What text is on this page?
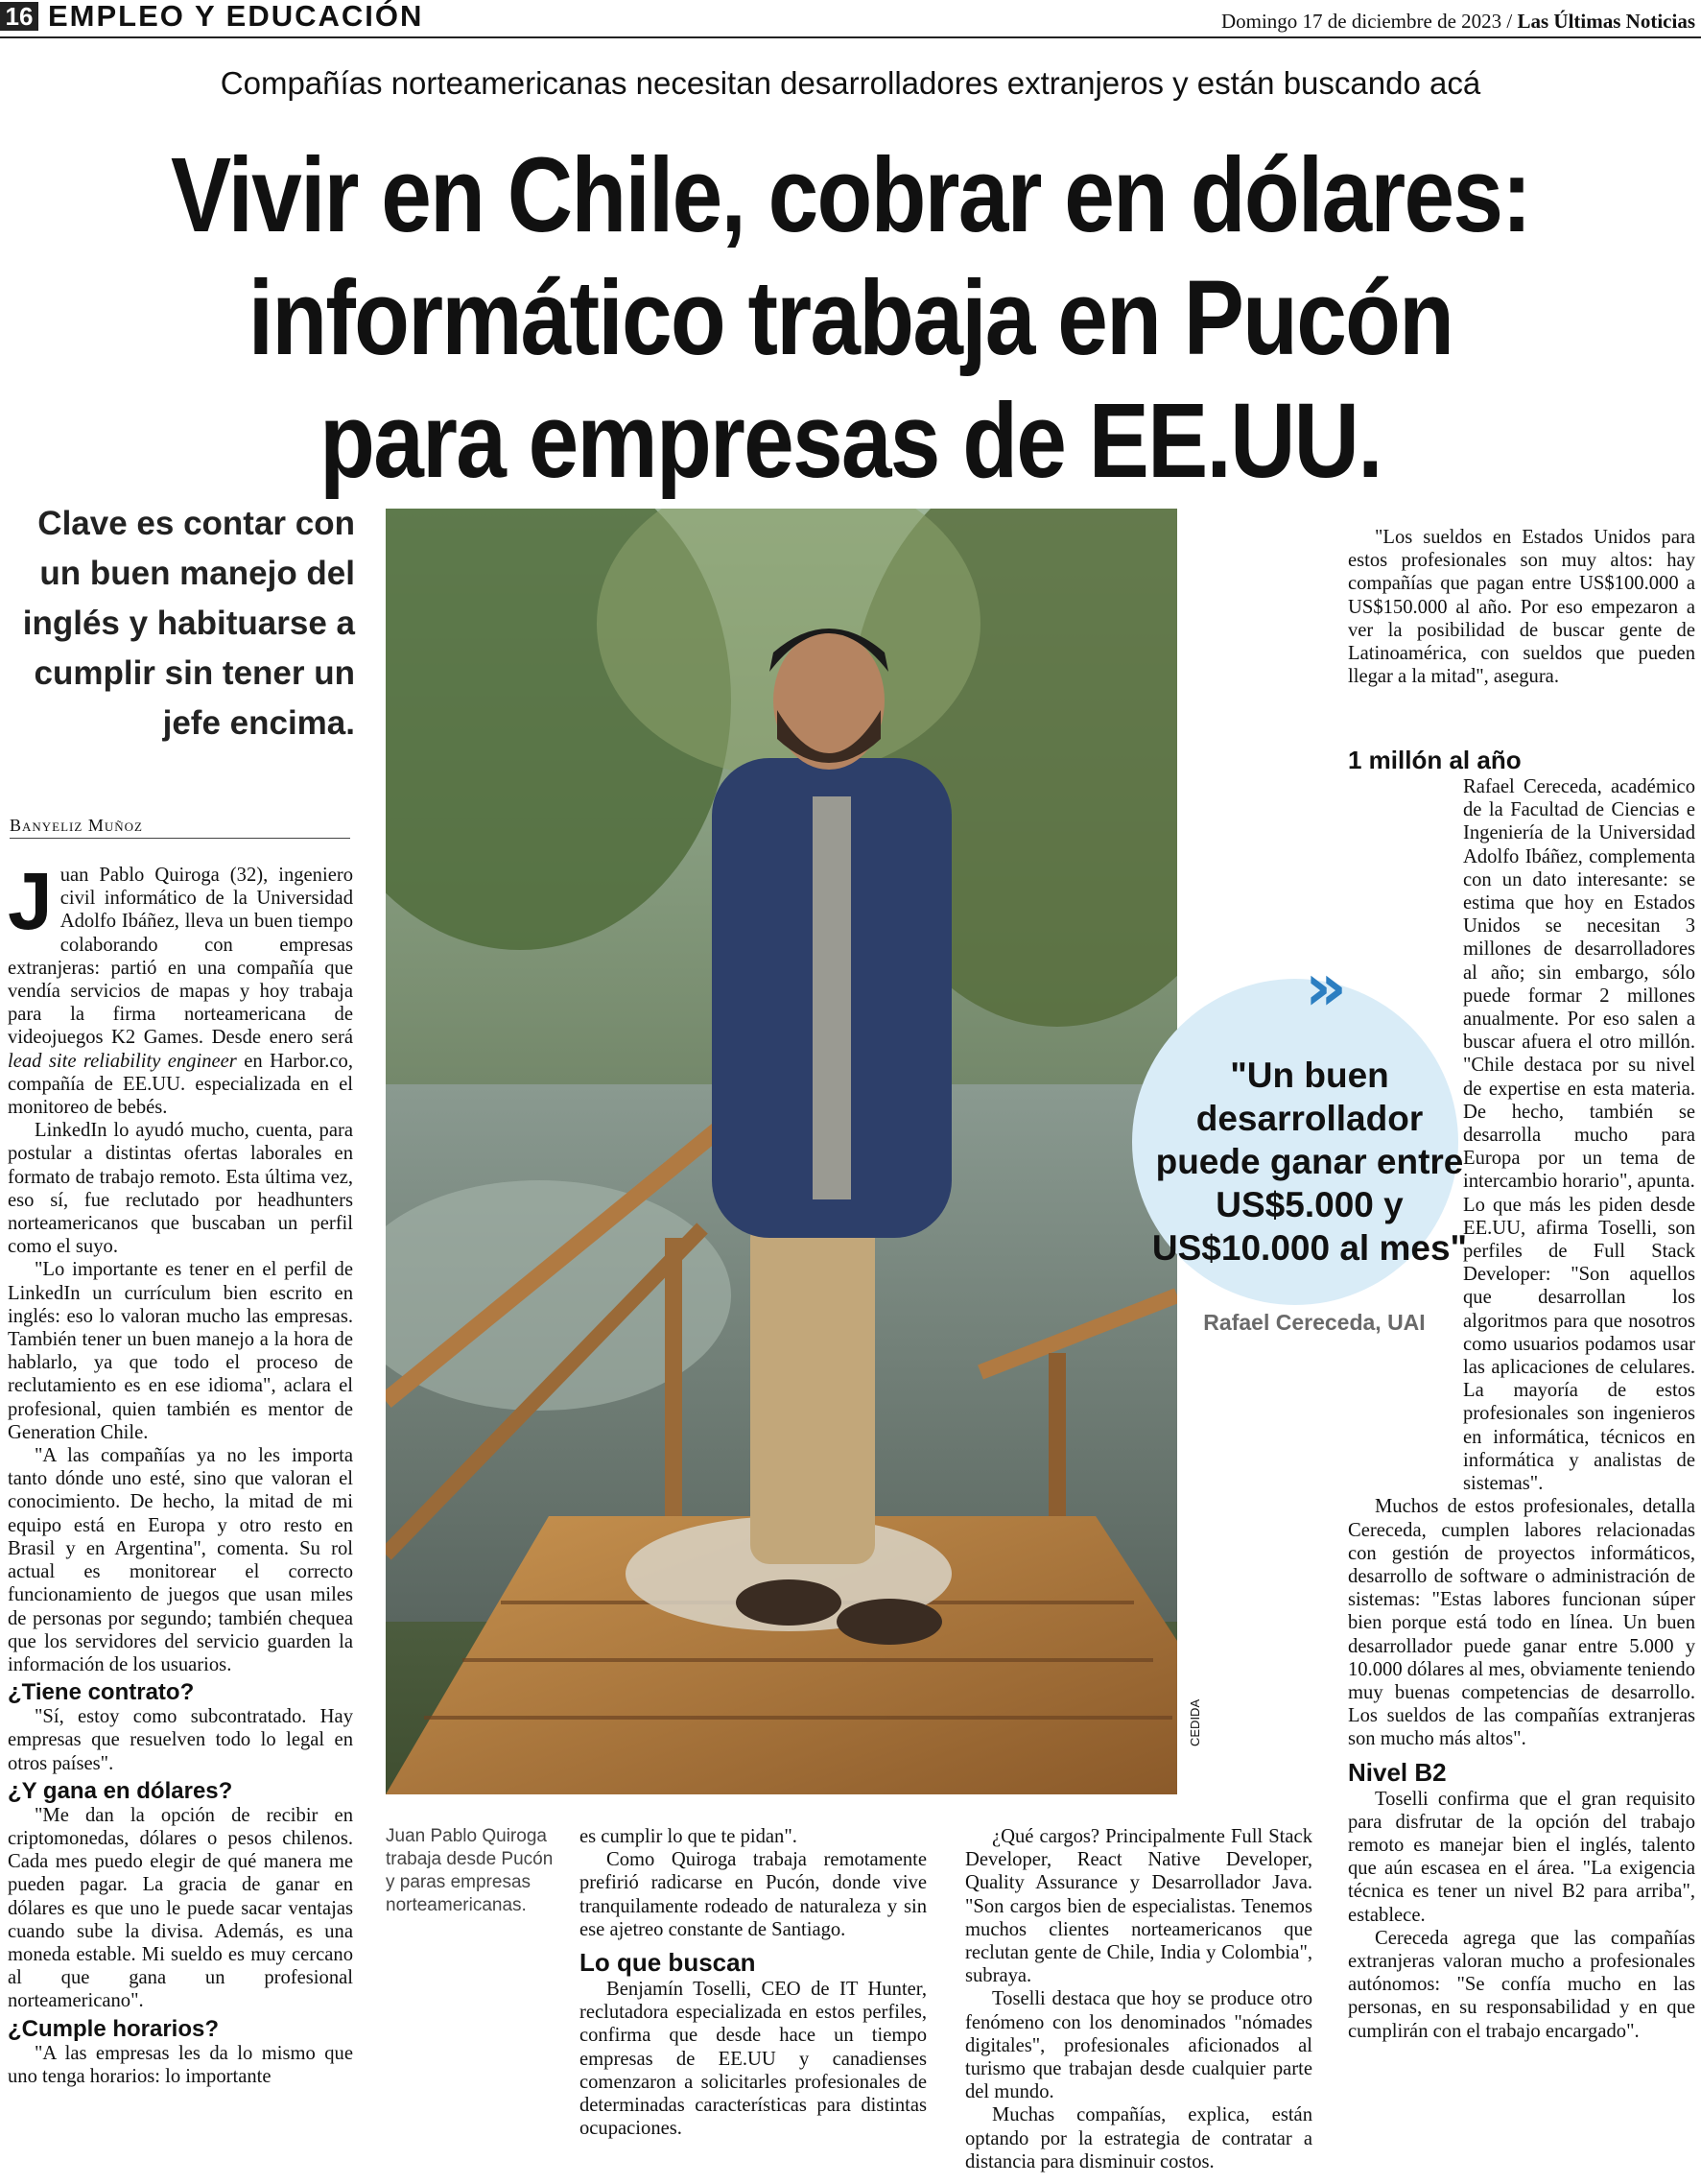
16 EMPLEO Y EDUCACIÓN	Domingo 17 de diciembre de 2023 / Las Últimas Noticias
Compañías norteamericanas necesitan desarrolladores extranjeros y están buscando acá
Vivir en Chile, cobrar en dólares:
informático trabaja en Pucón
para empresas de EE.UU.
Clave es contar con un buen manejo del inglés y habituarse a cumplir sin tener un jefe encima.
Banyeliz Muñoz

Juan Pablo Quiroga (32), ingeniero civil informático de la Universidad Adolfo Ibáñez, lleva un buen tiempo colaborando con empresas extranjeras: partió en una compañía que vendía servicios de mapas y hoy trabaja para la firma norteamericana de videojuegos K2 Games. Desde enero será lead site reliability engineer en Harbor.co, compañía de EE.UU. especializada en el monitoreo de bebés.

LinkedIn lo ayudó mucho, cuenta, para postular a distintas ofertas laborales en formato de trabajo remoto. Esta última vez, eso sí, fue reclutado por headhunters norteamericanos que buscaban un perfil como el suyo.

"Lo importante es tener en el perfil de LinkedIn un currículum bien escrito en inglés: eso lo valoran mucho las empresas. También tener un buen manejo a la hora de hablarlo, ya que todo el proceso de reclutamiento es en ese idioma", aclara el profesional, quien también es mentor de Generation Chile.

"A las compañías ya no les importa tanto dónde uno esté, sino que valoran el conocimiento. De hecho, la mitad de mi equipo está en Europa y otro resto en Brasil y en Argentina", comenta. Su rol actual es monitorear el correcto funcionamiento de juegos que usan miles de personas por segundo; también chequea que los servidores del servicio guarden la información de los usuarios.

¿Tiene contrato?

"Sí, estoy como subcontratado. Hay empresas que resuelven todo lo legal en otros países".

¿Y gana en dólares?

"Me dan la opción de recibir en criptomonedas, dólares o pesos chilenos. Cada mes puedo elegir de qué manera me pueden pagar. La gracia de ganar en dólares es que uno le puede sacar ventajas cuando sube la divisa. Además, es una moneda estable. Mi sueldo es muy cercano al que gana un profesional norteamericano".

¿Cumple horarios?

"A las empresas les da lo mismo que uno tenga horarios: lo importante

CEDIDA
Juan Pablo Quiroga trabaja desde Pucón y paras empresas norteamericanas.

es cumplir lo que te pidan".

Como Quiroga trabaja remotamente prefirió radicarse en Pucón, donde vive tranquilamente rodeado de naturaleza y sin ese ajetreo constante de Santiago.

Lo que buscan

Benjamín Toselli, CEO de IT Hunter, reclutadora especializada en estos perfiles, confirma que desde hace un tiempo empresas de EE.UU y canadienses comenzaron a solicitarles profesionales de determinadas características para distintas ocupaciones.

¿Qué cargos? Principalmente Full Stack Developer, React Native Developer, Quality Assurance y Desarrollador Java. "Son cargos bien de especialistas. Tenemos muchos clientes norteamericanos que reclutan gente de Chile, India y Colombia", subraya.

Toselli destaca que hoy se produce otro fenómeno con los denominados "nómades digitales", profesionales aficionados al turismo que trabajan desde cualquier parte del mundo.

Muchas compañías, explica, están optando por la estrategia de contratar a distancia para disminuir costos.

"Los sueldos en Estados Unidos para estos profesionales son muy altos: hay compañías que pagan entre US$100.000 a US$150.000 al año. Por eso empezaron a ver la posibilidad de buscar gente de Latinoamérica, con sueldos que pueden llegar a la mitad", asegura.

1 millón al año

Rafael Cereceda, académico de la Facultad de Ciencias e Ingeniería de la Universidad Adolfo Ibáñez, complementa con un dato interesante: se estima que hoy en Estados Unidos se necesitan 3 millones de desarrolladores al año; sin embargo, sólo puede formar 2 millones anualmente. Por eso salen a buscar afuera el otro millón. "Chile destaca por su nivel de expertise en esta materia. De hecho, también se desarrolla mucho para Europa por un tema de intercambio horario", apunta.

Lo que más les piden desde EE.UU, afirma Toselli, son perfiles de Full Stack Developer: "Son aquellos que desarrollan los algoritmos para que nosotros como usuarios podamos usar las aplicaciones de celulares. La mayoría de estos profesionales son ingenieros en informática, técnicos en informática y analistas de sistemas".

Muchos de estos profesionales, detalla Cereceda, cumplen labores relacionadas con gestión de proyectos informáticos, desarrollo de software o administración de sistemas: "Estas labores funcionan súper bien porque está todo en línea. Un buen desarrollador puede ganar entre 5.000 y 10.000 dólares al mes, obviamente teniendo muy buenas competencias de desarrollo. Los sueldos de las compañías extranjeras son mucho más altos".

Nivel B2

Toselli confirma que el gran requisito para disfrutar de la opción del trabajo remoto es manejar bien el inglés, talento que aún escasea en el área. "La exigencia técnica es tener un nivel B2 para arriba", establece.

Cereceda agrega que las compañías extranjeras valoran mucho a profesionales autónomos: "Se confía mucho en las personas, en su responsabilidad y en que cumplirán con el trabajo encargado".

»
"Un buen desarrollador puede ganar entre US$5.000 y US$10.000 al mes"
Rafael Cereceda, UAI
